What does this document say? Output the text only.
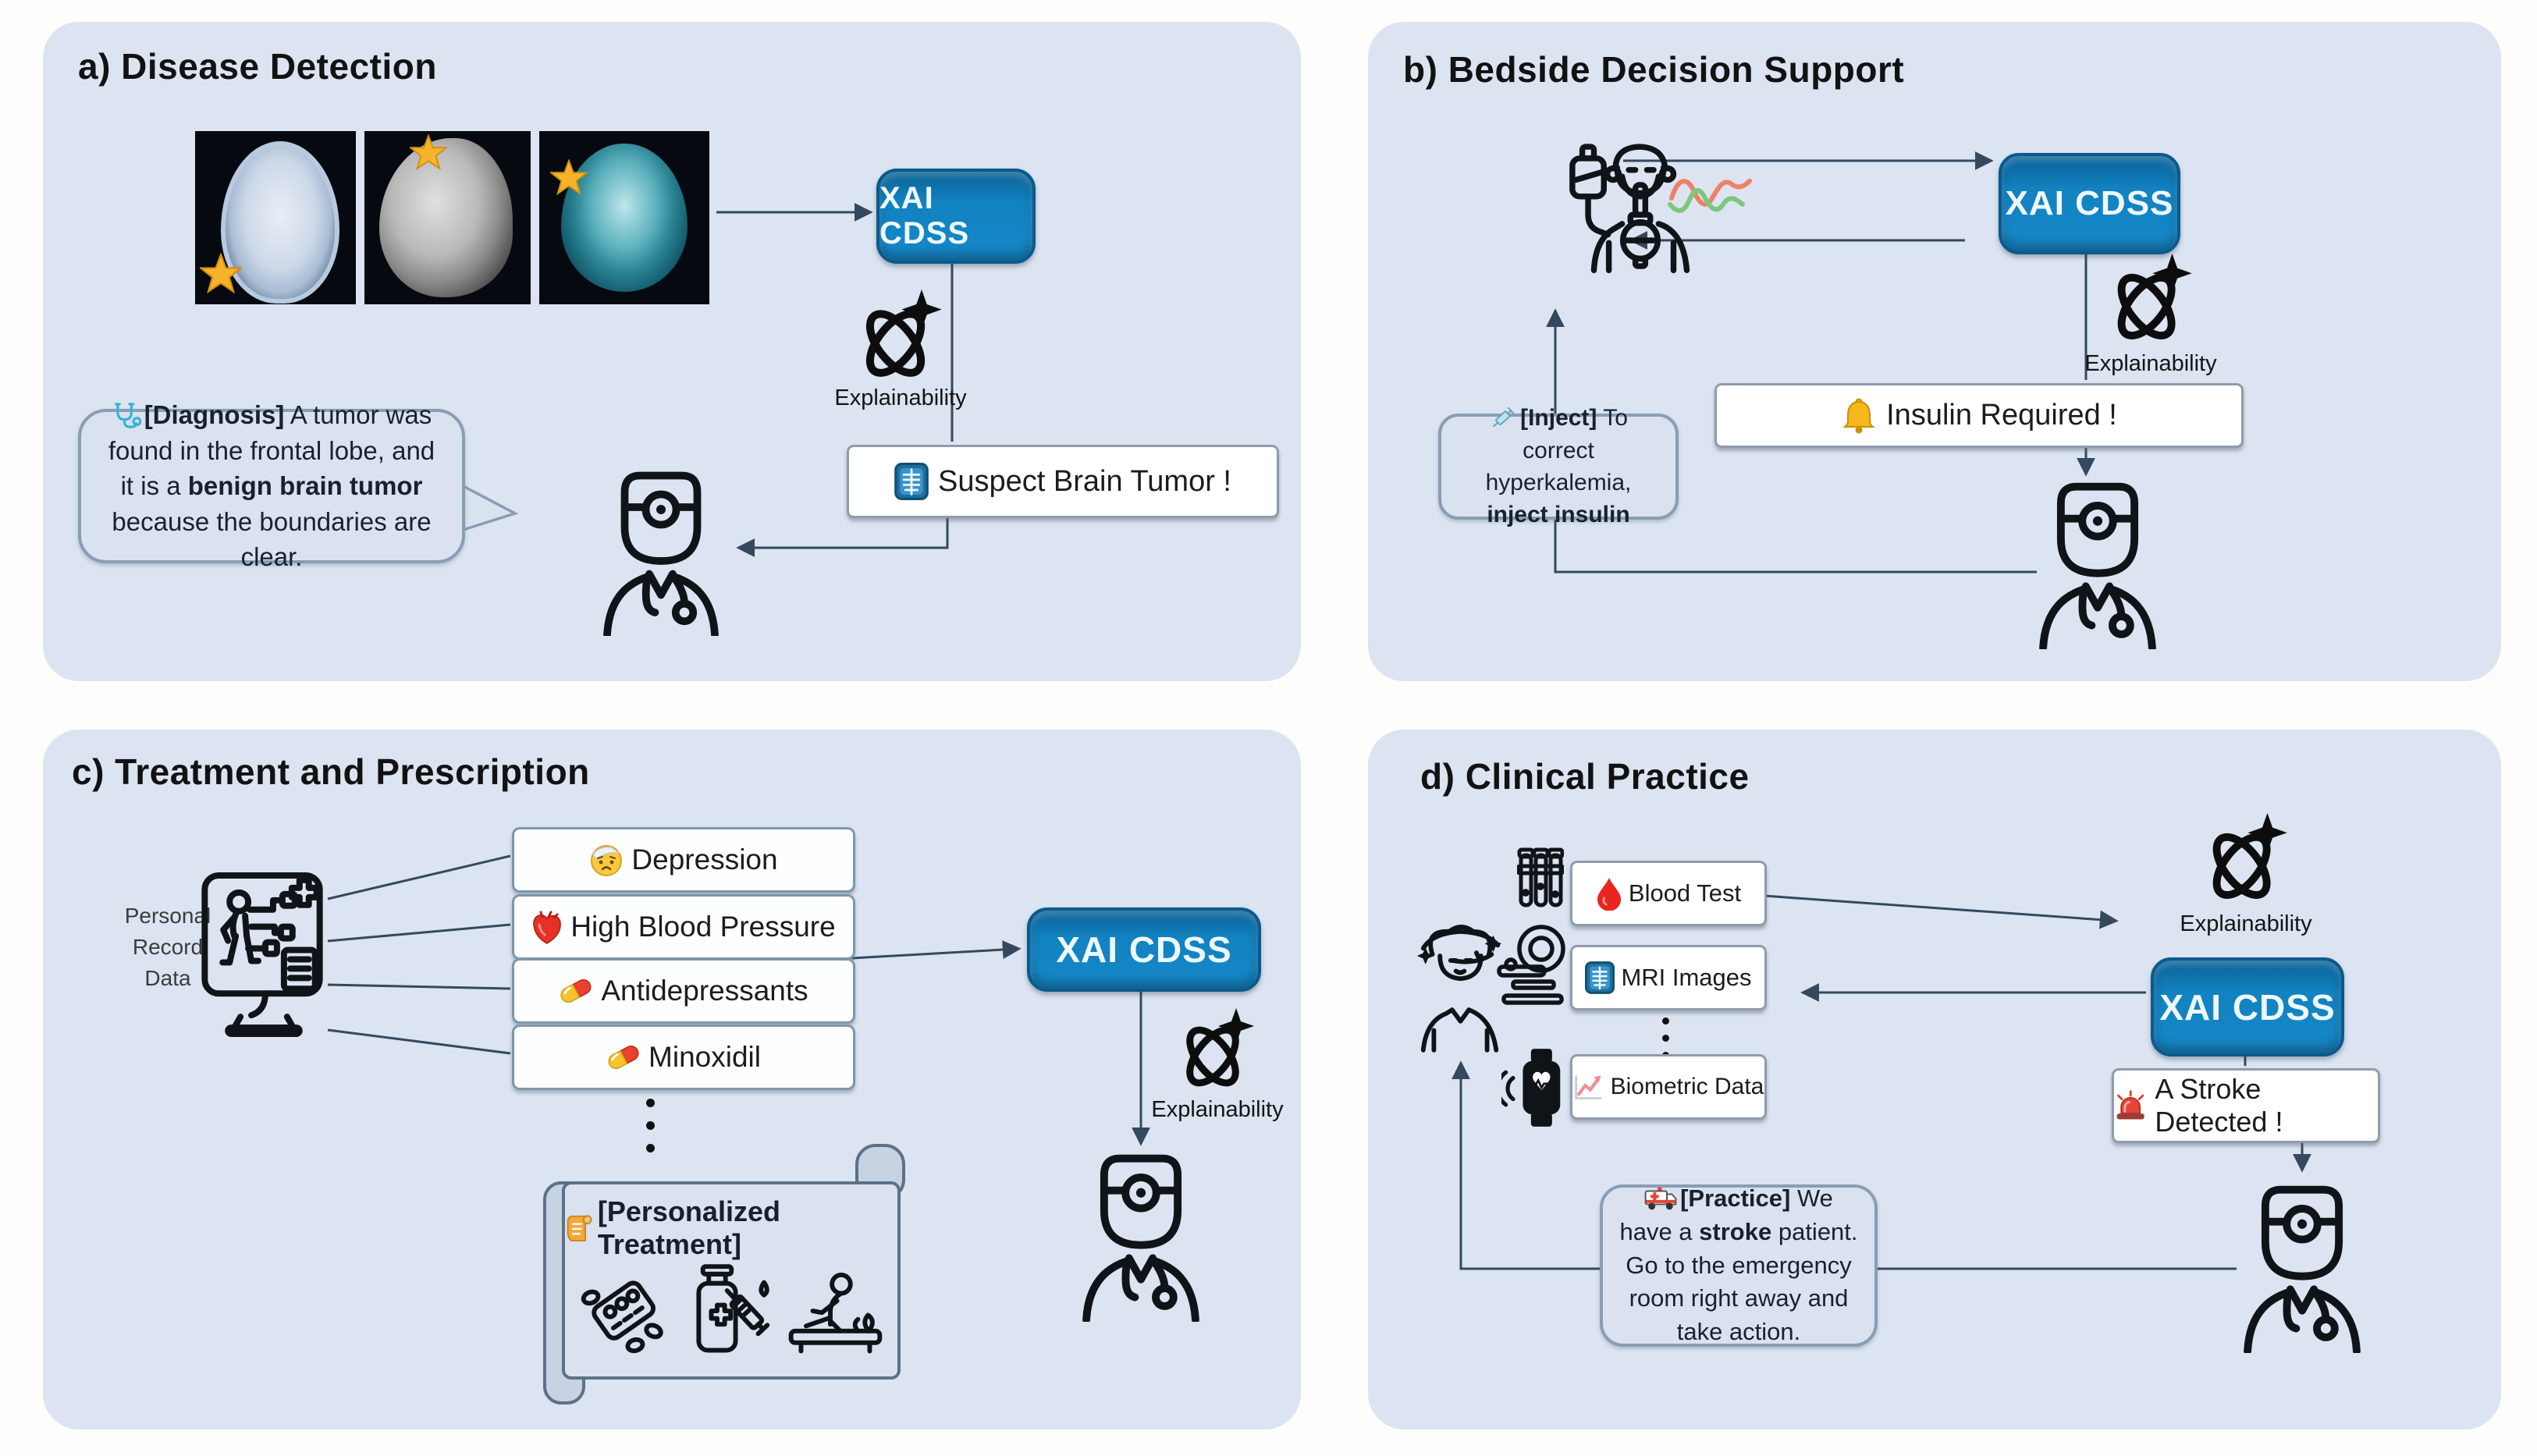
a) Disease Detection
XAI CDSS
Explainability
Suspect Brain Tumor !

[Diagnosis] A tumor was found in the frontal lobe, and it is a benign brain tumor because the boundaries are clear.

b) Bedside Decision Support
XAI CDSS
Explainability
Insulin Required !

[Inject] To correct hyperkalemia, inject insulin

c) Treatment and Prescription
Personal
Record
Data
Depression
High Blood Pressure
Antidepressants
Minoxidil
XAI CDSS
Explainability
[Personalized Treatment]
d) Clinical Practice
Blood Test
MRI Images
Biometric Data
Explainability
XAI CDSS
A Stroke Detected !

[Practice] We have a stroke patient. Go to the emergency room right away and take action.
